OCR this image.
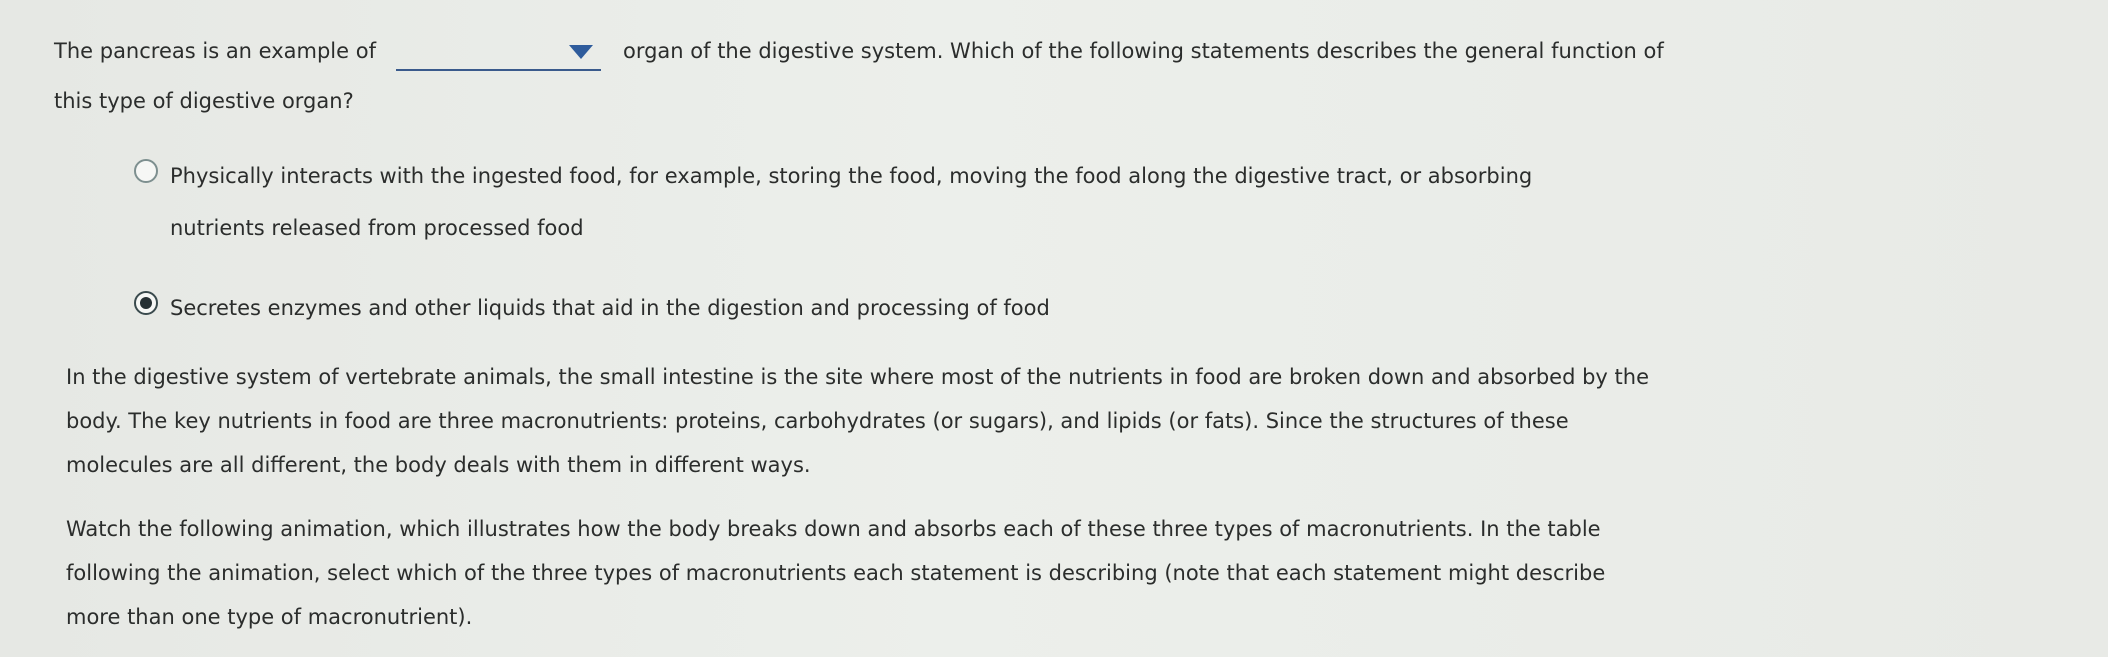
The pancreas is an example of	organ of the digestive system. Which of the following statements describes the general function of
this type of digestive organ?
Physically interacts with the ingested food, for example, storing the food, moving the food along the digestive tract, or absorbing
nutrients released from processed food
Secretes enzymes and other liquids that aid in the digestion and processing of food

In the digestive system of vertebrate animals, the small intestine is the site where most of the nutrients in food are broken down and absorbed by the
body. The key nutrients in food are three macronutrients: proteins, carbohydrates (or sugars), and lipids (or fats). Since the structures of these
molecules are all different, the body deals with them in different ways.

Watch the following animation, which illustrates how the body breaks down and absorbs each of these three types of macronutrients. In the table
following the animation, select which of the three types of macronutrients each statement is describing (note that each statement might describe
more than one type of macronutrient).
